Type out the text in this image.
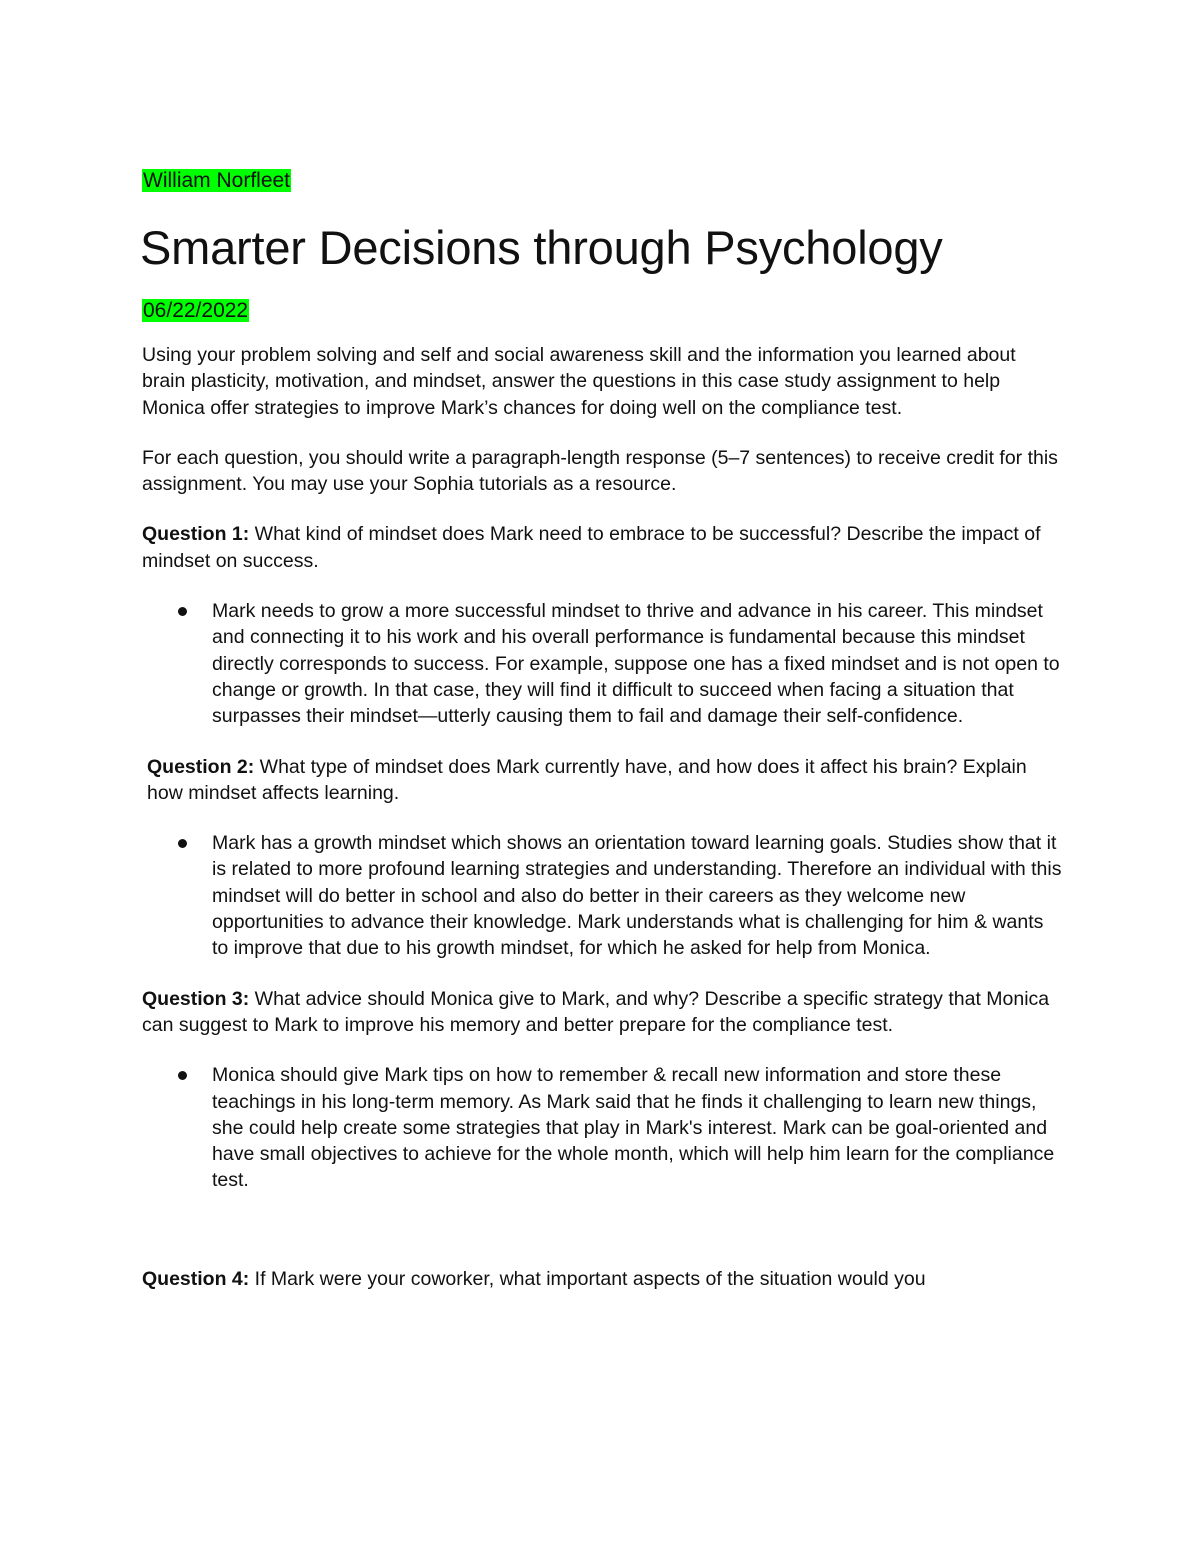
William Norfleet
Smarter Decisions through Psychology
06/22/2022

Using your problem solving and self and social awareness skill and the information you learned about brain plasticity, motivation, and mindset, answer the questions in this case study assignment to help Monica offer strategies to improve Mark’s chances for doing well on the compliance test.

For each question, you should write a paragraph-length response (5–7 sentences) to receive credit for this assignment. You may use your Sophia tutorials as a resource.

Question 1: What kind of mindset does Mark need to embrace to be successful? Describe the impact of mindset on success.

Mark needs to grow a more successful mindset to thrive and advance in his career. This mindset and connecting it to his work and his overall performance is fundamental because this mindset directly corresponds to success. For example, suppose one has a fixed mindset and is not open to change or growth. In that case, they will find it difficult to succeed when facing a situation that surpasses their mindset—utterly causing them to fail and damage their self-confidence.

Question 2: What type of mindset does Mark currently have, and how does it affect his brain? Explain how mindset affects learning.

Mark has a growth mindset which shows an orientation toward learning goals. Studies show that it is related to more profound learning strategies and understanding. Therefore an individual with this mindset will do better in school and also do better in their careers as they welcome new opportunities to advance their knowledge. Mark understands what is challenging for him & wants to improve that due to his growth mindset, for which he asked for help from Monica.

Question 3: What advice should Monica give to Mark, and why? Describe a specific strategy that Monica can suggest to Mark to improve his memory and better prepare for the compliance test.

Monica should give Mark tips on how to remember & recall new information and store these teachings in his long-term memory. As Mark said that he finds it challenging to learn new things, she could help create some strategies that play in Mark's interest. Mark can be goal-oriented and have small objectives to achieve for the whole month, which will help him learn for the compliance test.

Question 4: If Mark were your coworker, what important aspects of the situation would you
